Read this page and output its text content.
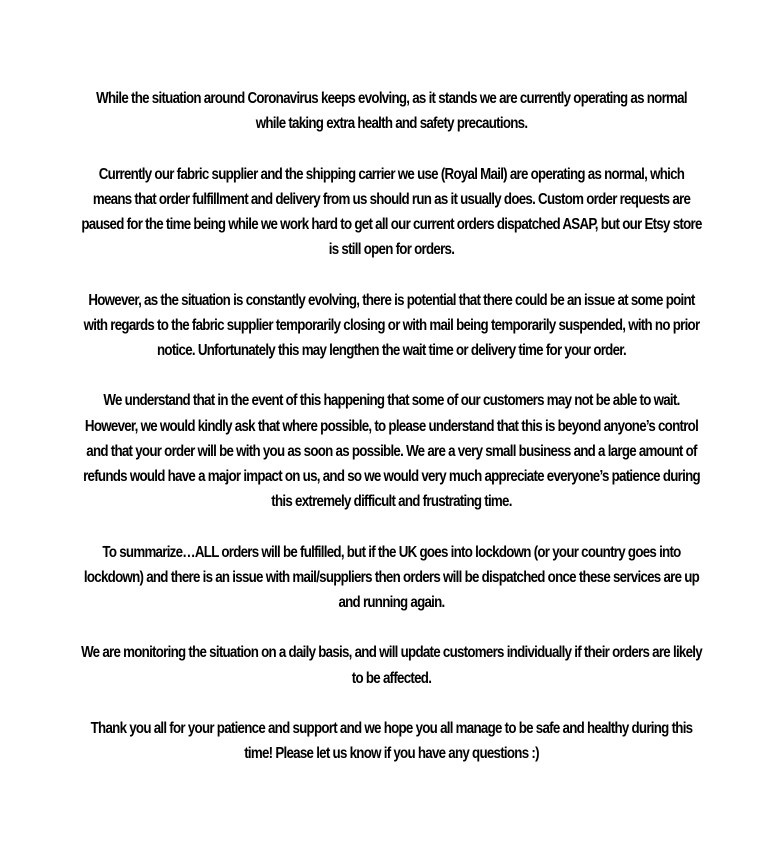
While the situation around Coronavirus keeps evolving, as it stands we are currently operating as normal while taking extra health and safety precautions.

Currently our fabric supplier and the shipping carrier we use (Royal Mail) are operating as normal, which means that order fulfillment and delivery from us should run as it usually does. Custom order requests are paused for the time being while we work hard to get all our current orders dispatched ASAP, but our Etsy store is still open for orders.

However, as the situation is constantly evolving, there is potential that there could be an issue at some point with regards to the fabric supplier temporarily closing or with mail being temporarily suspended, with no prior notice. Unfortunately this may lengthen the wait time or delivery time for your order.

We understand that in the event of this happening that some of our customers may not be able to wait. However, we would kindly ask that where possible, to please understand that this is beyond anyone’s control and that your order will be with you as soon as possible. We are a very small business and a large amount of refunds would have a major impact on us, and so we would very much appreciate everyone’s patience during this extremely difficult and frustrating time.

To summarize…ALL orders will be fulfilled, but if the UK goes into lockdown (or your country goes into lockdown) and there is an issue with mail/suppliers then orders will be dispatched once these services are up and running again.

We are monitoring the situation on a daily basis, and will update customers individually if their orders are likely to be affected.

Thank you all for your patience and support and we hope you all manage to be safe and healthy during this time! Please let us know if you have any questions :)
